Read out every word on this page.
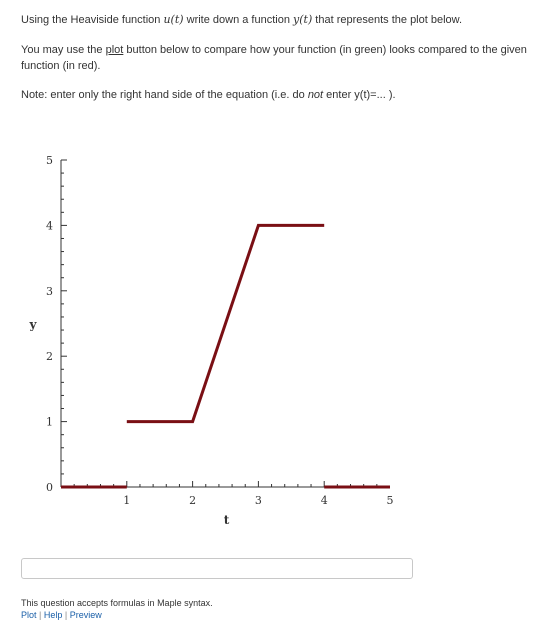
Using the Heaviside function u(t) write down a function y(t) that represents the plot below.

You may use the plot button below to compare how your function (in green) looks compared to the given function (in red).

Note: enter only the right hand side of the equation (i.e. do not enter y(t)=... ).

1	2	3	4	5
0
1
2
3
4
5
t
y
This question accepts formulas in Maple syntax.
Plot | Help | Preview
